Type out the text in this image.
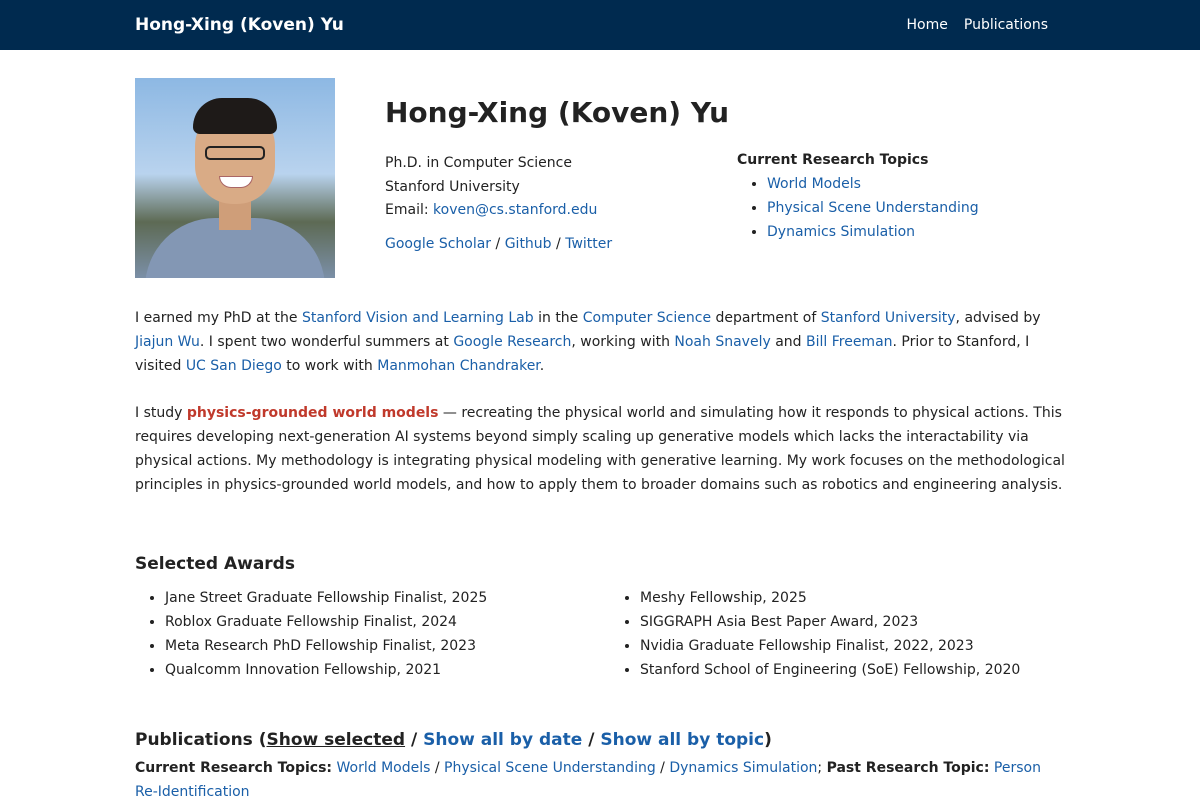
Hong-Xing (Koven) Yu	Home Publications
Hong-Xing (Koven) Yu
Ph.D. in Computer Science
Stanford University
Email: koven@cs.stanford.edu
Google Scholar / Github / Twitter
Current Research Topics
• World Models
• Physical Scene Understanding
• Dynamics Simulation

I earned my PhD at the Stanford Vision and Learning Lab in the Computer Science department of Stanford University, advised by Jiajun Wu. I spent two wonderful summers at Google Research, working with Noah Snavely and Bill Freeman. Prior to Stanford, I visited UC San Diego to work with Manmohan Chandraker.

I study physics-grounded world models — recreating the physical world and simulating how it responds to physical actions. This requires developing next-generation AI systems beyond simply scaling up generative models which lacks the interactability via physical actions. My methodology is integrating physical modeling with generative learning. My work focuses on the methodological principles in physics-grounded world models, and how to apply them to broader domains such as robotics and engineering analysis.

Selected Awards
• Jane Street Graduate Fellowship Finalist, 2025
• Roblox Graduate Fellowship Finalist, 2024
• Meta Research PhD Fellowship Finalist, 2023
• Qualcomm Innovation Fellowship, 2021
• Meshy Fellowship, 2025
• SIGGRAPH Asia Best Paper Award, 2023
• Nvidia Graduate Fellowship Finalist, 2022, 2023
• Stanford School of Engineering (SoE) Fellowship, 2020
Publications (Show selected / Show all by date / Show all by topic)
Current Research Topics: World Models / Physical Scene Understanding / Dynamics Simulation; Past Research Topic: Person Re-Identification
